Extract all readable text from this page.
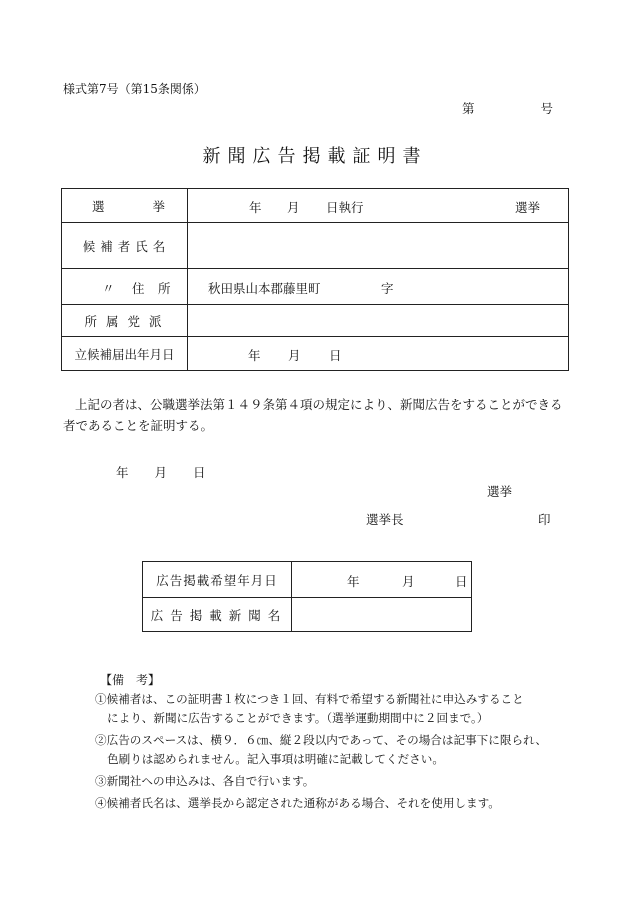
様式第7号（第15条関係）
第	号
新聞広告掲載証明書
選 挙	年 月 日執行 選挙

候補者氏名	

〃 住 所	秋田県山本郡藤里町 字

所属党派	

立候補届出年月日	年 月 日
上記の者は、公職選挙法第１４９条第４項の規定により、新聞広告をすることができる者であることを証明する。
年 月 日
選挙
選挙長	印
広告掲載希望年月日	年 月 日

広告掲載新聞名	

【備　考】
①候補者は、この証明書１枚につき１回、有料で希望する新聞社に申込みすること
により、新聞に広告することができます。（選挙運動期間中に２回まで。）
②広告のスペースは、横９．６㎝、縦２段以内であって、その場合は記事下に限られ、
色刷りは認められません。記入事項は明確に記載してください。
③新聞社への申込みは、各自で行います。
④候補者氏名は、選挙長から認定された通称がある場合、それを使用します。
